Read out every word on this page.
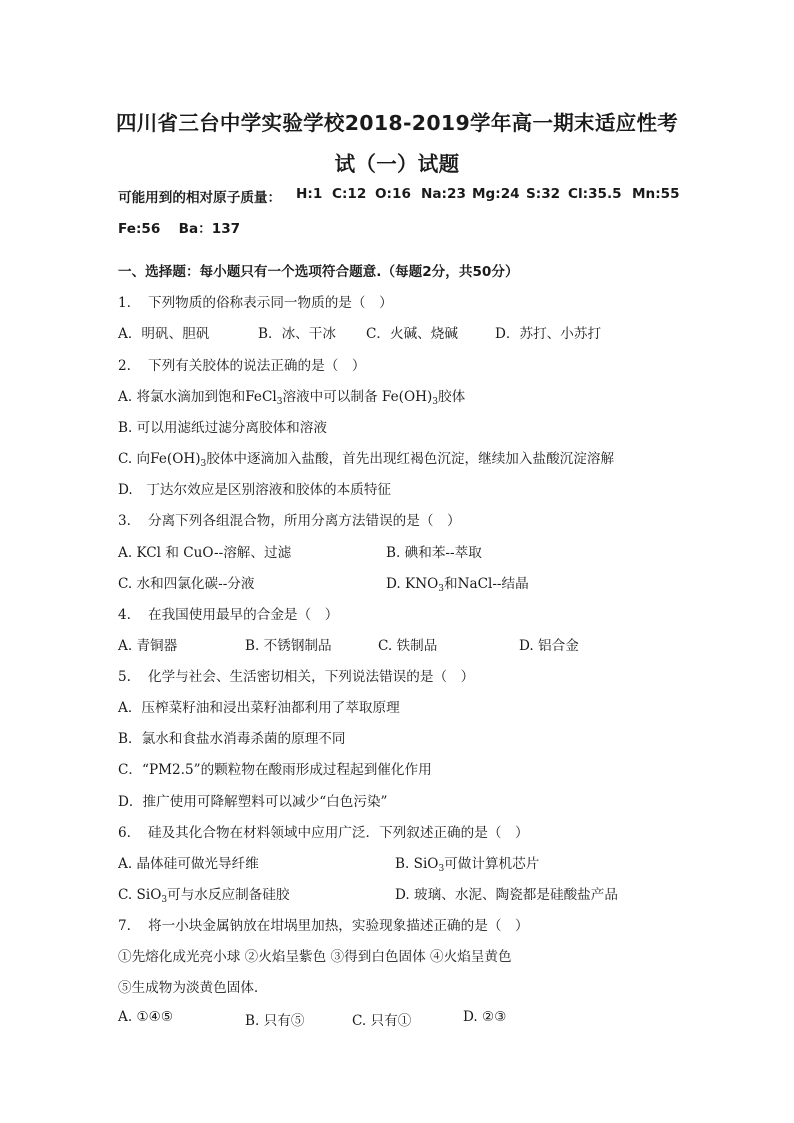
四川省三台中学实验学校2018-2019学年高一期末适应性考
试（一）试题
可能用到的相对原子质量： H:1 C:12 O:16 Na:23 Mg:24 S:32 Cl:35.5 Mn:55
Fe:56　 Ba：137
一、选择题：每小题只有一个选项符合题意.（每题2分，共50分）
1. 下列物质的俗称表示同一物质的是（　）
A．明矾、胆矾	B．冰、干冰 C．火碱、烧碱	D．苏打、小苏打
2. 下列有关胶体的说法正确的是（　）
A. 将氯水滴加到饱和FeCl$_3$溶液中可以制备 $Fe(OH)_3$胶体
B. 可以用滤纸过滤分离胶体和溶液
C. 向$Fe(OH)_3$胶体中逐滴加入盐酸，首先出现红褐色沉淀，继续加入盐酸沉淀溶解
D.　丁达尔效应是区别溶液和胶体的本质特征
3. 分离下列各组混合物，所用分离方法错误的是（　）
A. KCl 和 CuO--溶解、过滤	B. 碘和苯--萃取
C. 水和四氯化碳--分液	D. $KNO_3$和NaCl--结晶
4. 在我国使用最早的合金是（　）
A. 青铜器	B. 不锈钢制品	C. 铁制品	D. 铝合金
5. 化学与社会、生活密切相关，下列说法错误的是（　）
A．压榨菜籽油和浸出菜籽油都利用了萃取原理
B．氯水和食盐水消毒杀菌的原理不同
C．“PM2.5”的颗粒物在酸雨形成过程起到催化作用
D．推广使用可降解塑料可以减少“白色污染”
6. 硅及其化合物在材料领域中应用广泛．下列叙述正确的是（　）
A. 晶体硅可做光导纤维	B. SiO$_3$可做计算机芯片
C. SiO$_3$可与水反应制备硅胶	D. 玻璃、水泥、陶瓷都是硅酸盐产品
7. 将一小块金属钠放在坩埚里加热，实验现象描述正确的是（　）
①先熔化成光亮小球 ②火焰呈紫色 ③得到白色固体 ④火焰呈黄色
⑤生成物为淡黄色固体.
A. ①④⑤	B. 只有⑤	C. 只有①	D. ②③
